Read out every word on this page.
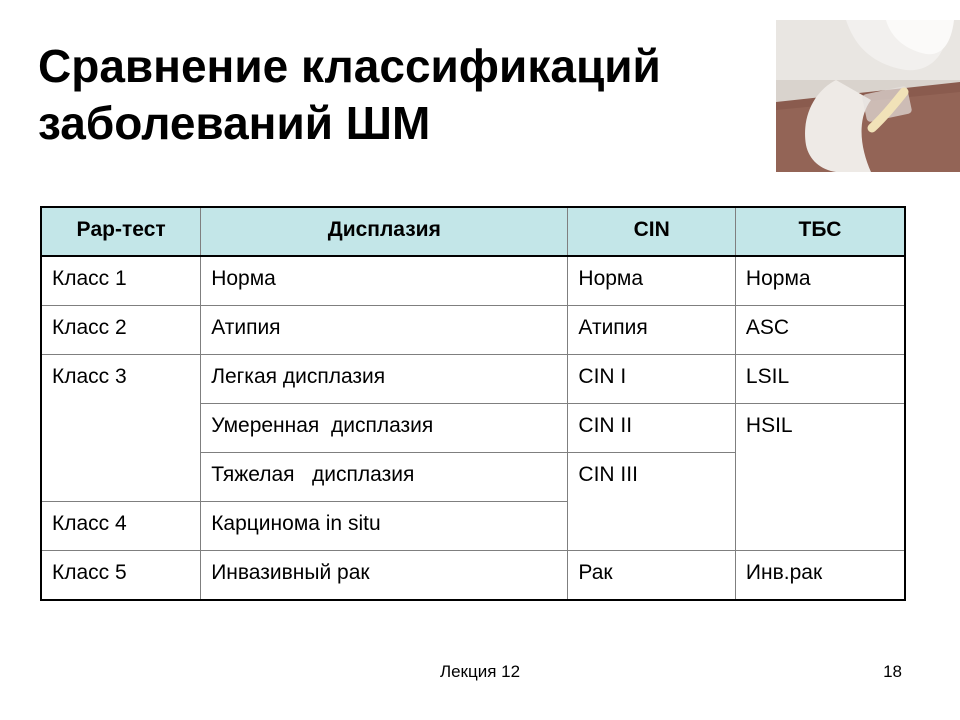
Сравнение классификаций
заболеваний ШМ
Pap-тест	Дисплазия	CIN	ТБС
Класс 1	Норма	Норма	Норма
Класс 2	Атипия	Атипия	ASC
Класс 3	Легкая дисплазия	CIN I	LSIL
	Умеренная  дисплазия	CIN II	HSIL
	Тяжелая   дисплазия	CIN III	
Класс 4	Карцинома in situ		
Класс 5	Инвазивный рак	Рак	Инв.рак
Лекция 12	18
